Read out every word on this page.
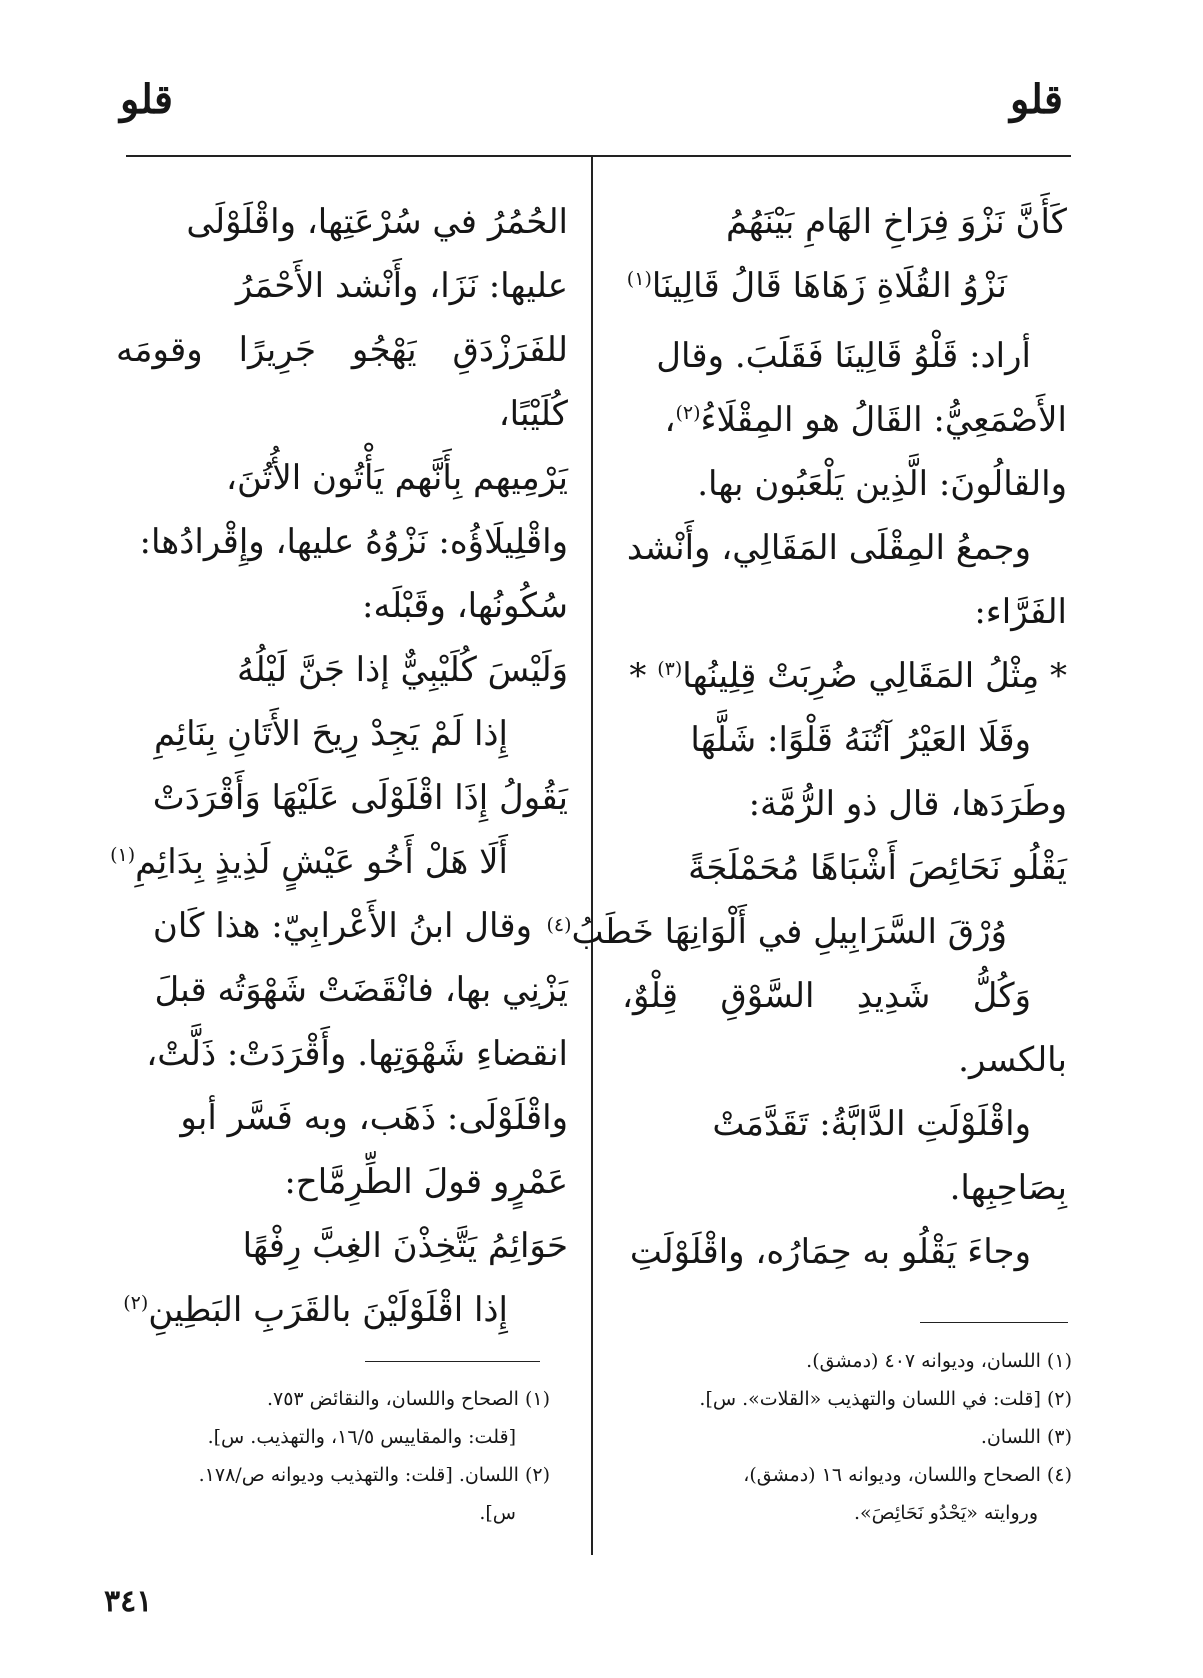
قلو
قلو
كَأَنَّ نَزْوَ فِرَاخِ الهَامِ بَيْنَهُمُ
نَزْوُ القُلَاةِ زَهَاهَا قَالُ قَالِينَا$^{(١)}$

أراد: قَلْوُ قَالِينَا فَقَلَبَ. وقال

الأَصْمَعِيُّ: القَالُ هو المِقْلَاءُ$^{(٢)}$،

والقالُونَ: الَّذِين يَلْعَبُون بها.

وجمعُ المِقْلَى المَقَالِي، وأَنْشد

الفَرَّاء:

* مِثْلُ المَقَالِي ضُرِبَتْ قِلِينُها$^{(٣)}$ *

وقَلَا العَيْرُ آتُنَهُ قَلْوًا: شَلَّهَا

وطَرَدَها، قال ذو الرُّمَّة:

يَقْلُو نَحَائِصَ أَشْبَاهًا مُحَمْلَجَةً
وُرْقَ السَّرَابِيلِ في أَلْوَانِهَا خَطَبُ$^{(٤)}$

وَكُلُّ شَدِيدِ السَّوْقِ قِلْوٌ، بالكسر.

واقْلَوْلَتِ الدَّابَّةُ: تَقَدَّمَتْ

بِصَاحِبِها.

وجاءَ يَقْلُو به حِمَارُه، واقْلَوْلَتِ

الحُمُرُ في سُرْعَتِها، واقْلَوْلَى

عليها: نَزَا، وأَنْشد الأَحْمَرُ

للفَرَزْدَقِ يَهْجُو جَرِيرًا وقومَه كُلَيْبًا،

يَرْمِيهم بِأَنَّهم يَأْتُون الأُتُنَ،

واقْلِيلَاؤُه: نَزْوُهُ عليها، وإِقْرادُها:

سُكُونُها، وقَبْلَه:

وَلَيْسَ كُلَيْبِيٌّ إذا جَنَّ لَيْلُهُ
إِذا لَمْ يَجِدْ رِيحَ الأَتَانِ بِنَائِمِ
يَقُولُ إِذَا اقْلَوْلَى عَلَيْهَا وَأَقْرَدَتْ
أَلَا هَلْ أَخُو عَيْشٍ لَذِيذٍ بِدَائِمِ$^{(١)}$

وقال ابنُ الأَعْرابِيّ: هذا كَان

يَزْنِي بها، فانْقَضَتْ شَهْوَتُه قبلَ

انقضاءِ شَهْوَتِها. وأَقْرَدَتْ: ذَلَّتْ،

واقْلَوْلَى: ذَهَب، وبه فَسَّر أبو

عَمْرٍو قولَ الطِّرِمَّاح:

حَوَائِمُ يَتَّخِذْنَ الغِبَّ رِفْهًا
إِذا اقْلَوْلَيْنَ بالقَرَبِ البَطِينِ$^{(٢)}$
(١) اللسان، وديوانه ٤٠٧ (دمشق).
(٢) [قلت: في اللسان والتهذيب «القلات». س].
(٣) اللسان.
(٤) الصحاح واللسان، وديوانه ١٦ (دمشق)،
وروايته «يَحْدُو نَحَائِصَ».
(١) الصحاح واللسان، والنقائض ٧٥٣.
[قلت: والمقاييس ١٦/٥، والتهذيب. س].
(٢) اللسان. [قلت: والتهذيب وديوانه ص/١٧٨.
س].
٣٤١
